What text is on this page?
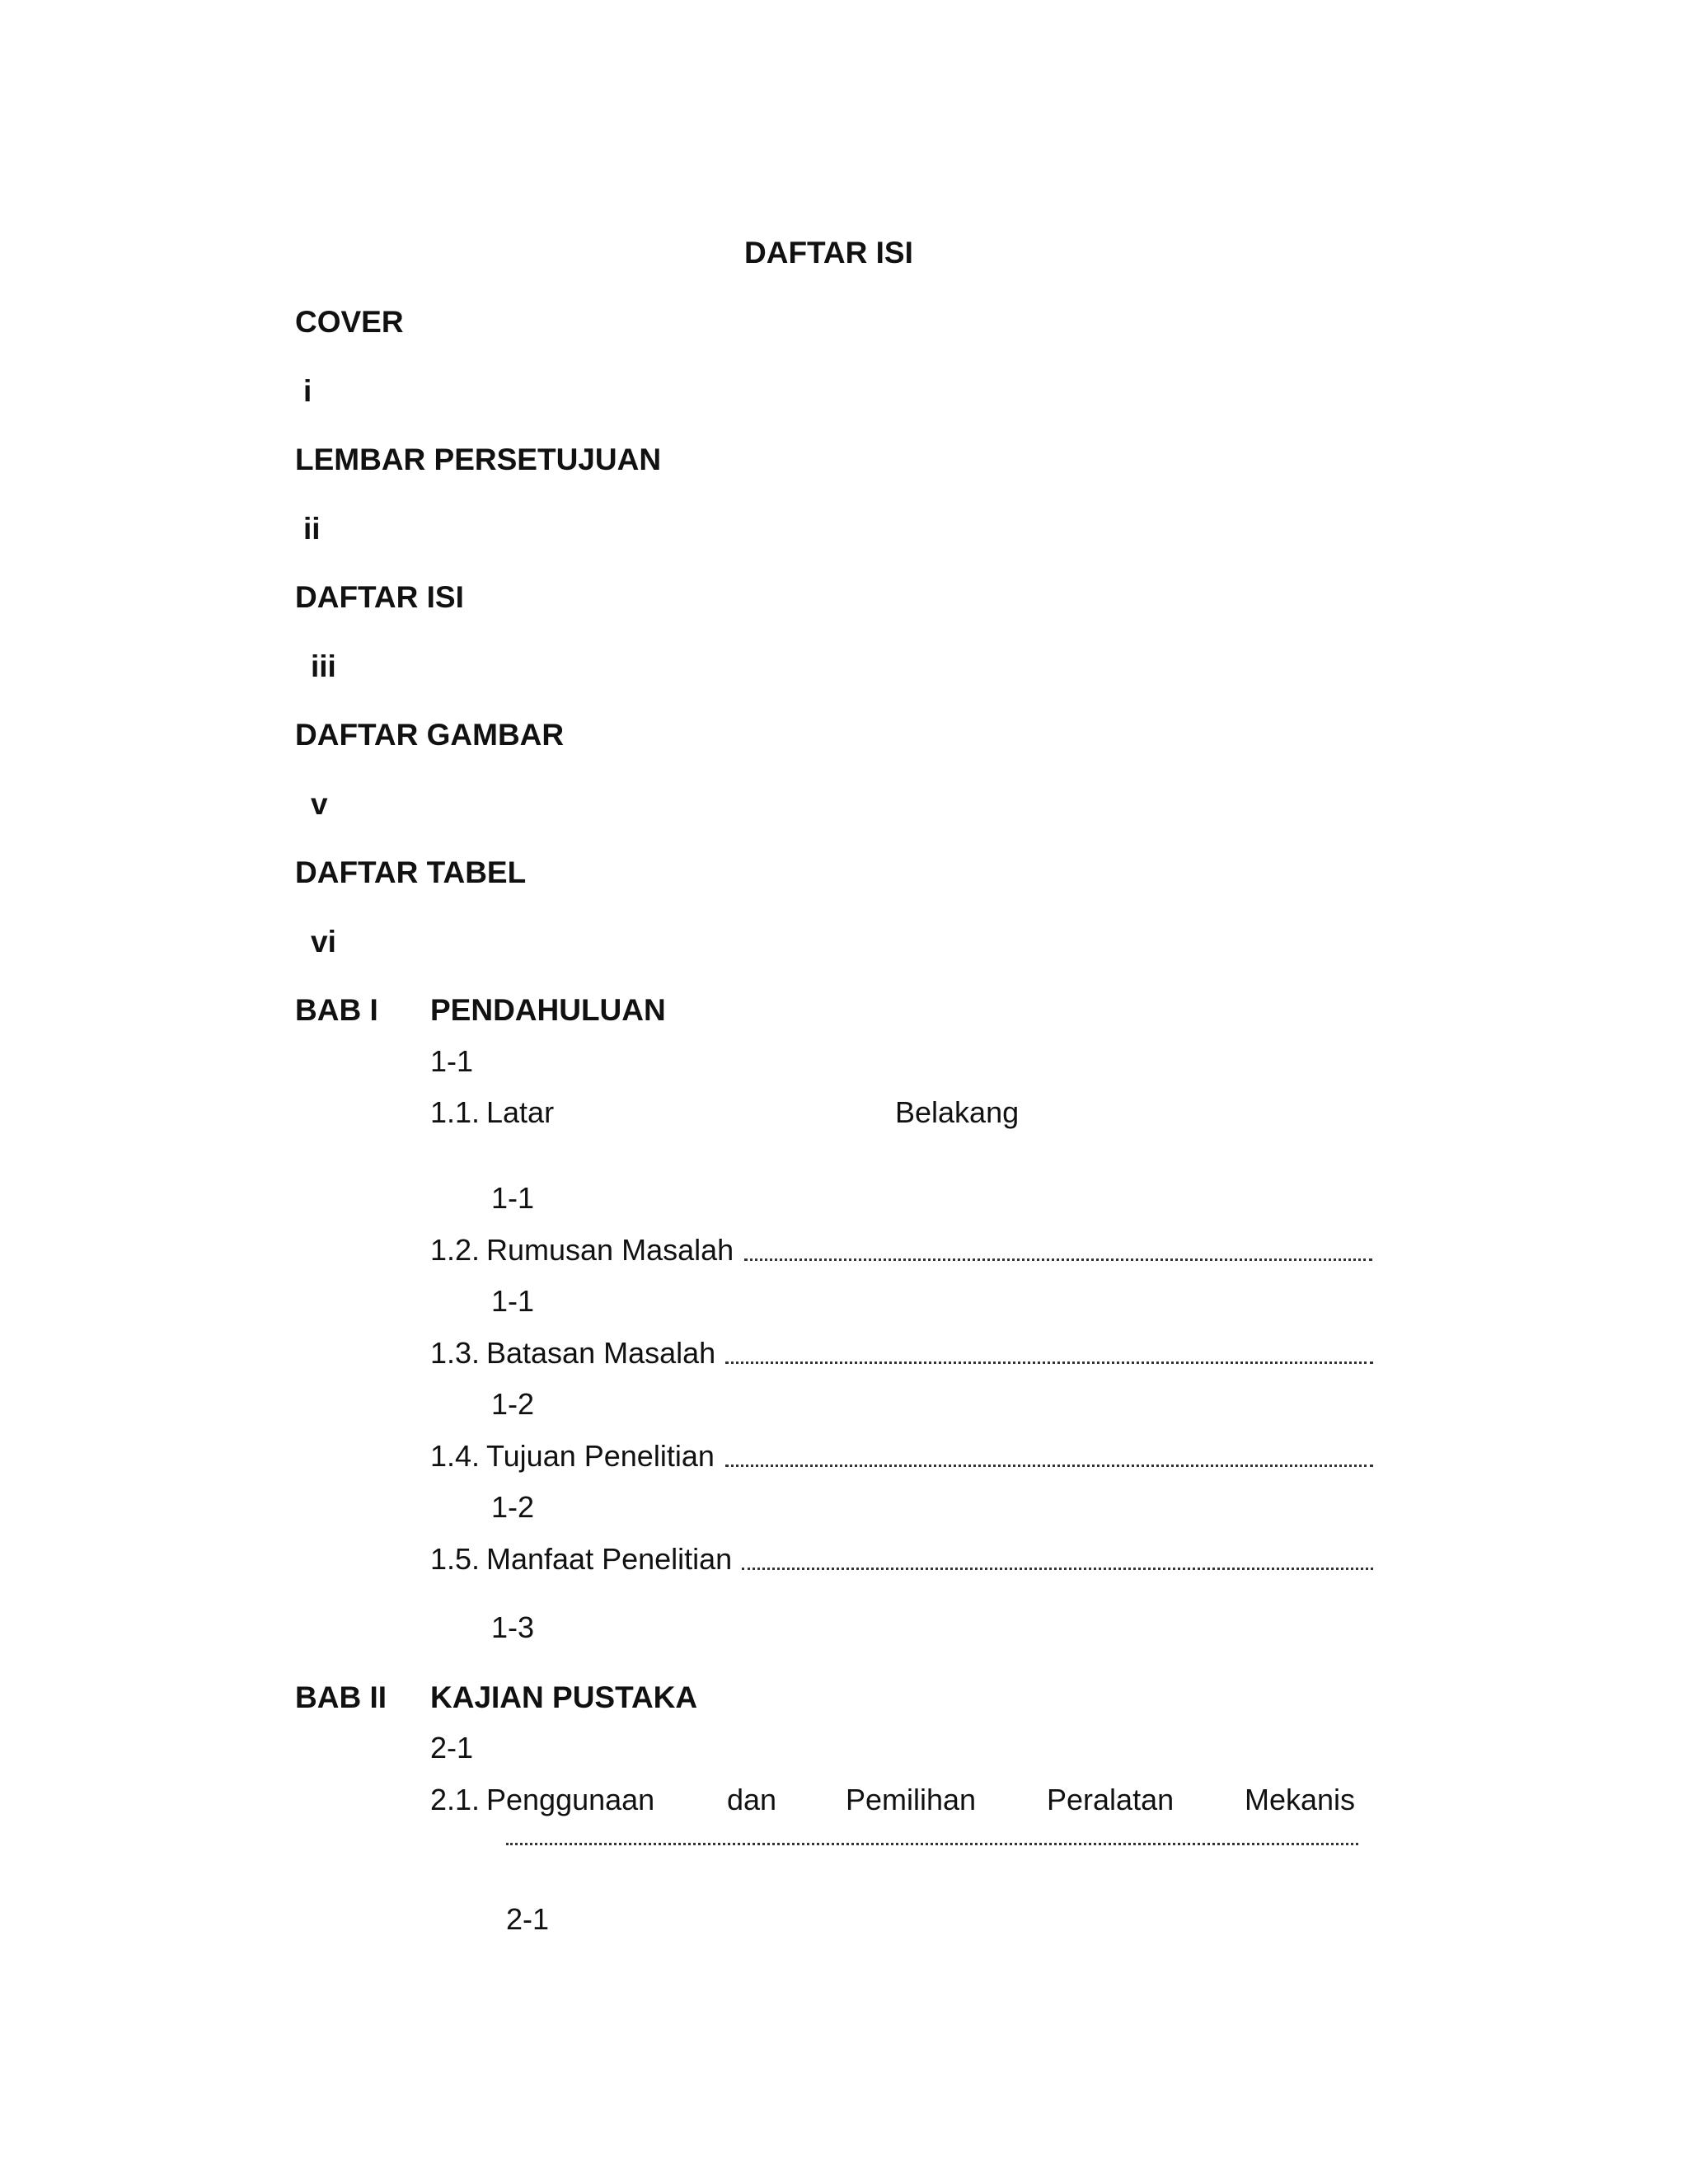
DAFTAR ISI
COVER
i
LEMBAR PERSETUJUAN
ii
DAFTAR ISI
iii
DAFTAR GAMBAR
v
DAFTAR TABEL
vi
BAB I PENDAHULUAN
1-1
1.1. Latar	Belakang
1-1
1.2. Rumusan Masalah
1-1
1.3. Batasan Masalah
1-2
1.4. Tujuan Penelitian
1-2
1.5. Manfaat Penelitian
1-3
BAB II KAJIAN PUSTAKA
2-1
2.1. Penggunaan dan Pemilihan Peralatan Mekanis
2-1
